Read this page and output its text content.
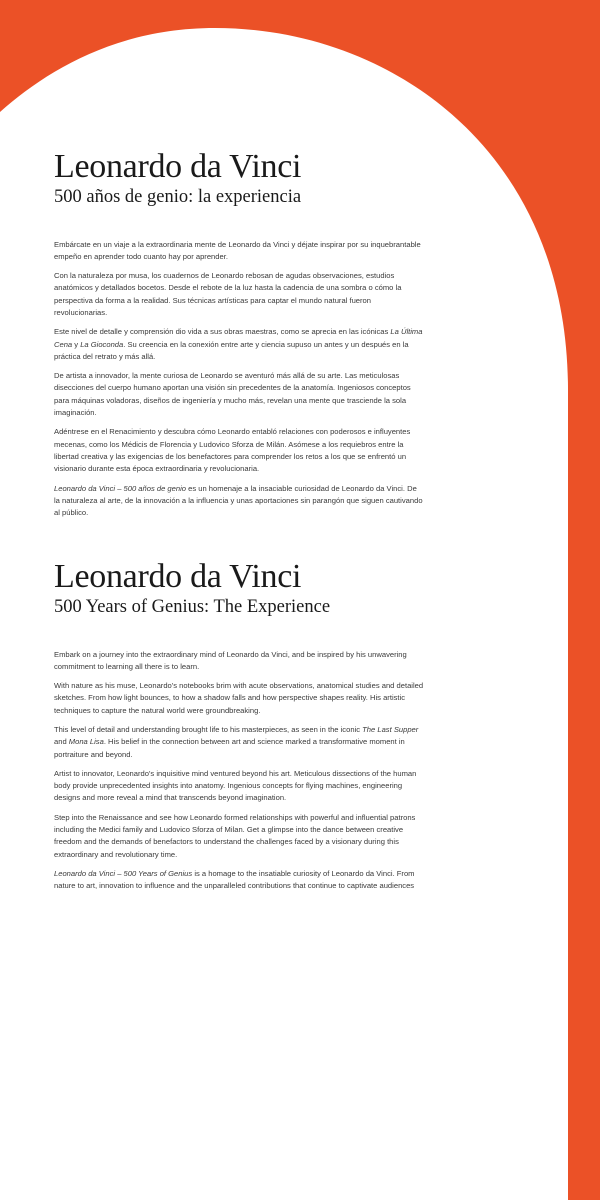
Leonardo da Vinci
500 años de genio: la experiencia

Embárcate en un viaje a la extraordinaria mente de Leonardo da Vinci y déjate inspirar por su inquebrantable empeño en aprender todo cuanto hay por aprender.

Con la naturaleza por musa, los cuadernos de Leonardo rebosan de agudas observaciones, estudios anatómicos y detallados bocetos. Desde el rebote de la luz hasta la cadencia de una sombra o cómo la perspectiva da forma a la realidad. Sus técnicas artísticas para captar el mundo natural fueron revolucionarias.

Este nivel de detalle y comprensión dio vida a sus obras maestras, como se aprecia en las icónicas La Última Cena y La Gioconda. Su creencia en la conexión entre arte y ciencia supuso un antes y un después en la práctica del retrato y más allá.

De artista a innovador, la mente curiosa de Leonardo se aventuró más allá de su arte. Las meticulosas disecciones del cuerpo humano aportan una visión sin precedentes de la anatomía. Ingeniosos conceptos para máquinas voladoras, diseños de ingeniería y mucho más, revelan una mente que trasciende la sola imaginación.

Adéntrese en el Renacimiento y descubra cómo Leonardo entabló relaciones con poderosos e influyentes mecenas, como los Médicis de Florencia y Ludovico Sforza de Milán. Asómese a los requiebros entre la libertad creativa y las exigencias de los benefactores para comprender los retos a los que se enfrentó un visionario durante esta época extraordinaria y revolucionaria.

Leonardo da Vinci – 500 años de genio es un homenaje a la insaciable curiosidad de Leonardo da Vinci. De la naturaleza al arte, de la innovación a la influencia y unas aportaciones sin parangón que siguen cautivando al público.

Leonardo da Vinci
500 Years of Genius: The Experience

Embark on a journey into the extraordinary mind of Leonardo da Vinci, and be inspired by his unwavering commitment to learning all there is to learn.

With nature as his muse, Leonardo's notebooks brim with acute observations, anatomical studies and detailed sketches. From how light bounces, to how a shadow falls and how perspective shapes reality. His artistic techniques to capture the natural world were groundbreaking.

This level of detail and understanding brought life to his masterpieces, as seen in the iconic The Last Supper and Mona Lisa. His belief in the connection between art and science marked a transformative moment in portraiture and beyond.

Artist to innovator, Leonardo's inquisitive mind ventured beyond his art. Meticulous dissections of the human body provide unprecedented insights into anatomy. Ingenious concepts for flying machines, engineering designs and more reveal a mind that transcends beyond imagination.

Step into the Renaissance and see how Leonardo formed relationships with powerful and influential patrons including the Medici family and Ludovico Sforza of Milan. Get a glimpse into the dance between creative freedom and the demands of benefactors to understand the challenges faced by a visionary during this extraordinary and revolutionary time.

Leonardo da Vinci – 500 Years of Genius is a homage to the insatiable curiosity of Leonardo da Vinci. From nature to art, innovation to influence and the unparalleled contributions that continue to captivate audiences
